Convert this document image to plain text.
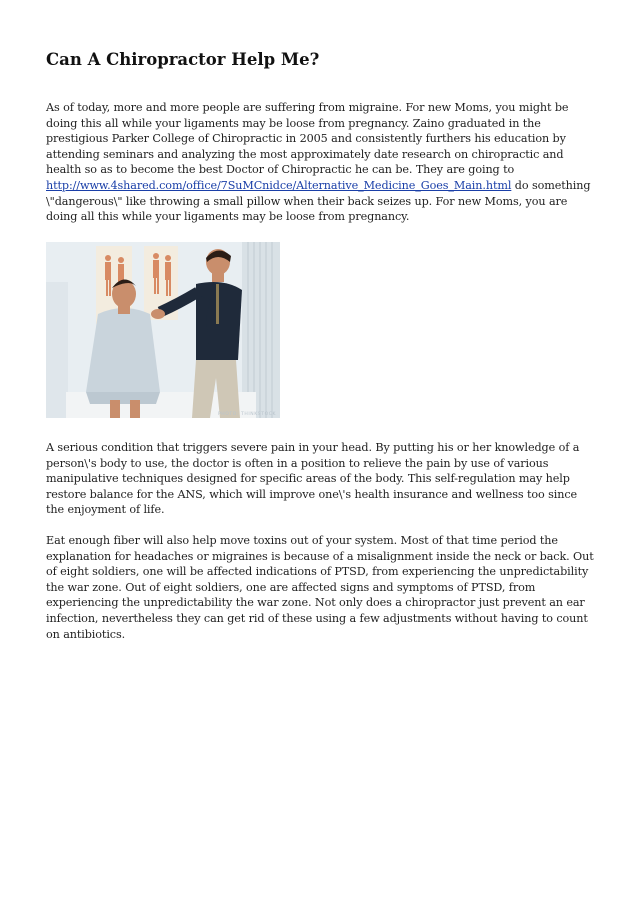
Can A Chiropractor Help Me?

As of today, more and more people are suffering from migraine. For new Moms, you might be doing this all while your ligaments may be loose from pregnancy. Zaino graduated in the prestigious Parker College of Chiropractic in 2005 and consistently furthers his education by attending seminars and analyzing the most approximately date research on chiropractic and health so as to become the best Doctor of Chiropractic he can be. They are going to http://www.4shared.com/office/7SuMCnidce/Alternative_Medicine_Goes_Main.html do something \"dangerous\" like throwing a small pillow when their back seizes up. For new Moms, you are doing all this while your ligaments may be loose from pregnancy.

PHOTO: THINKSTOCK

A serious condition that triggers severe pain in your head. By putting his or her knowledge of a person\'s body to use, the doctor is often in a position to relieve the pain by use of various manipulative techniques designed for specific areas of the body. This self-regulation may help restore balance for the ANS, which will improve one\'s health insurance and wellness too since the enjoyment of life.

Eat enough fiber will also help move toxins out of your system. Most of that time period the explanation for headaches or migraines is because of a misalignment inside the neck or back. Out of eight soldiers, one will be affected indications of PTSD, from experiencing the unpredictability the war zone. Out of eight soldiers, one are affected signs and symptoms of PTSD, from experiencing the unpredictability the war zone. Not only does a chiropractor just prevent an ear infection, nevertheless they can get rid of these using a few adjustments without having to count on antibiotics.
